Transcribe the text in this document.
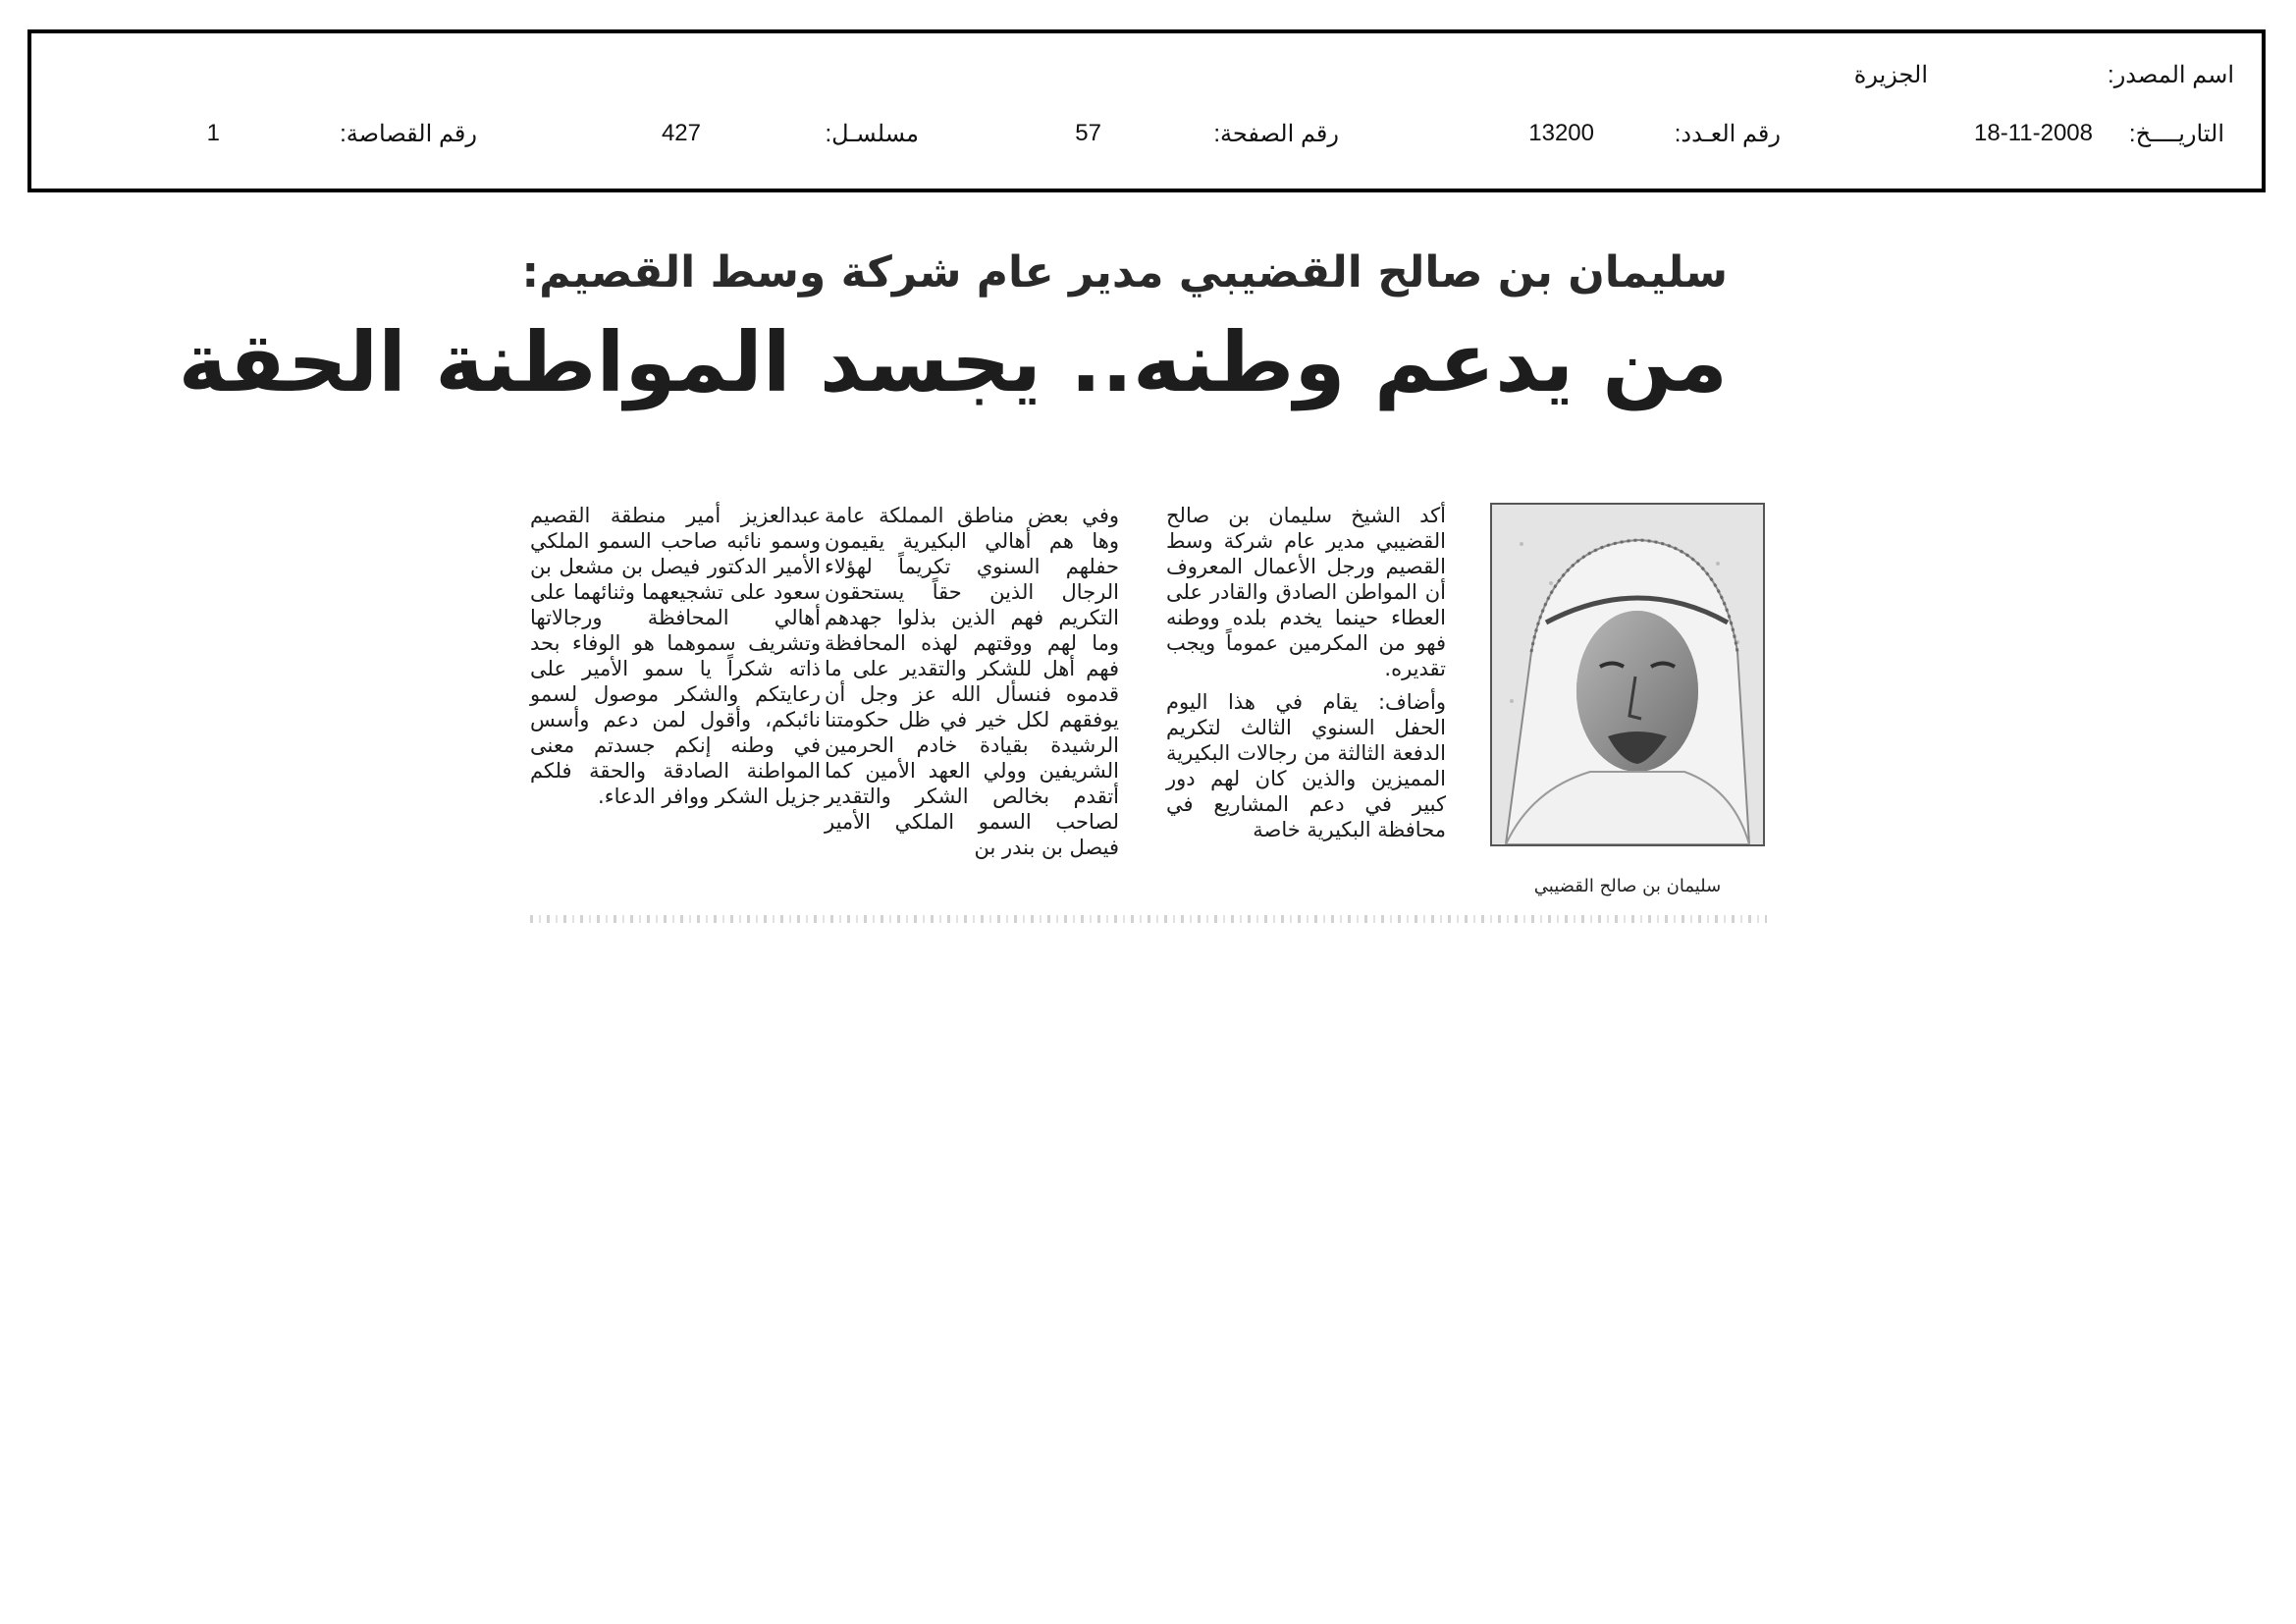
اسم المصدر:
الجزيرة
التاريــــخ:
18-11-2008
رقم العـدد:
13200
رقم الصفحة:
57
مسلسـل:
427
رقم القصاصة:
1
سليمان بن صالح القضيبي مدير عام شركة وسط القصيم:
من يدعم وطنه.. يجسد المواطنة الحقة
سليمان بن صالح القضيبي

أكد الشيخ سليمان بن صالح القضيبي مدير عام شركة وسط القصيم ورجل الأعمال المعروف أن المواطن الصادق والقادر على العطاء حينما يخدم بلده ووطنه فهو من المكرمين عموماً ويجب تقديره.

وأضاف: يقام في هذا اليوم الحفل السنوي الثالث لتكريم الدفعة الثالثة من رجالات البكيرية المميزين والذين كان لهم دور كبير في دعم المشاريع في محافظة البكيرية خاصة

وفي بعض مناطق المملكة عامة وها هم أهالي البكيرية يقيمون حفلهم السنوي تكريماً لهؤلاء الرجال الذين حقاً يستحقون التكريم فهم الذين بذلوا جهدهم وما لهم ووقتهم لهذه المحافظة فهم أهل للشكر والتقدير على ما قدموه فنسأل الله عز وجل أن يوفقهم لكل خير في ظل حكومتنا الرشيدة بقيادة خادم الحرمين الشريفين وولي العهد الأمين كما أتقدم بخالص الشكر والتقدير لصاحب السمو الملكي الأمير فيصل بن بندر بن

عبدالعزيز أمير منطقة القصيم وسمو نائبه صاحب السمو الملكي الأمير الدكتور فيصل بن مشعل بن سعود على تشجيعهما وثنائهما على أهالي المحافظة ورجالاتها وتشريف سموهما هو الوفاء بحد ذاته شكراً يا سمو الأمير على رعايتكم والشكر موصول لسمو نائبكم، وأقول لمن دعم وأسس في وطنه إنكم جسدتم معنى المواطنة الصادقة والحقة فلكم جزيل الشكر ووافر الدعاء.
